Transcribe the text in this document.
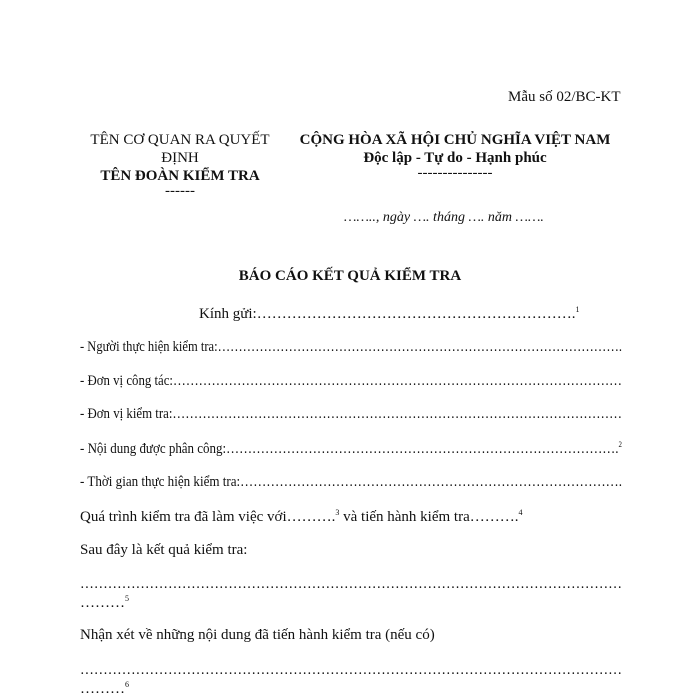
Mẫu số 02/BC-KT
TÊN CƠ QUAN RA QUYẾT
ĐỊNH
TÊN ĐOÀN KIỂM TRA
------
CỘNG HÒA XÃ HỘI CHỦ NGHĨA VIỆT NAM
Độc lập - Tự do - Hạnh phúc
---------------
…….., ngày …. tháng …. năm …….
BÁO CÁO KẾT QUẢ KIỂM TRA
Kính gửi:……………………………………………………….$^1$
- Người thực hiện kiểm tra:…………………………………………………………………………………….
- Đơn vị công tác:……………………………………………………………………………………………
- Đơn vị kiểm tra:……………………………………………………………………………………………
- Nội dung được phân công:……………………………………………………………………………….$^2$
- Thời gian thực hiện kiểm tra:…………………………………………………………………………….
Quá trình kiểm tra đã làm việc với……….$^3$ và tiến hành kiểm tra……….$^4$
Sau đây là kết quả kiểm tra:
………………………………………………………………………………………………………
………$^5$
Nhận xét về những nội dung đã tiến hành kiểm tra (nếu có)
………………………………………………………………………………………………………
………$^6$
